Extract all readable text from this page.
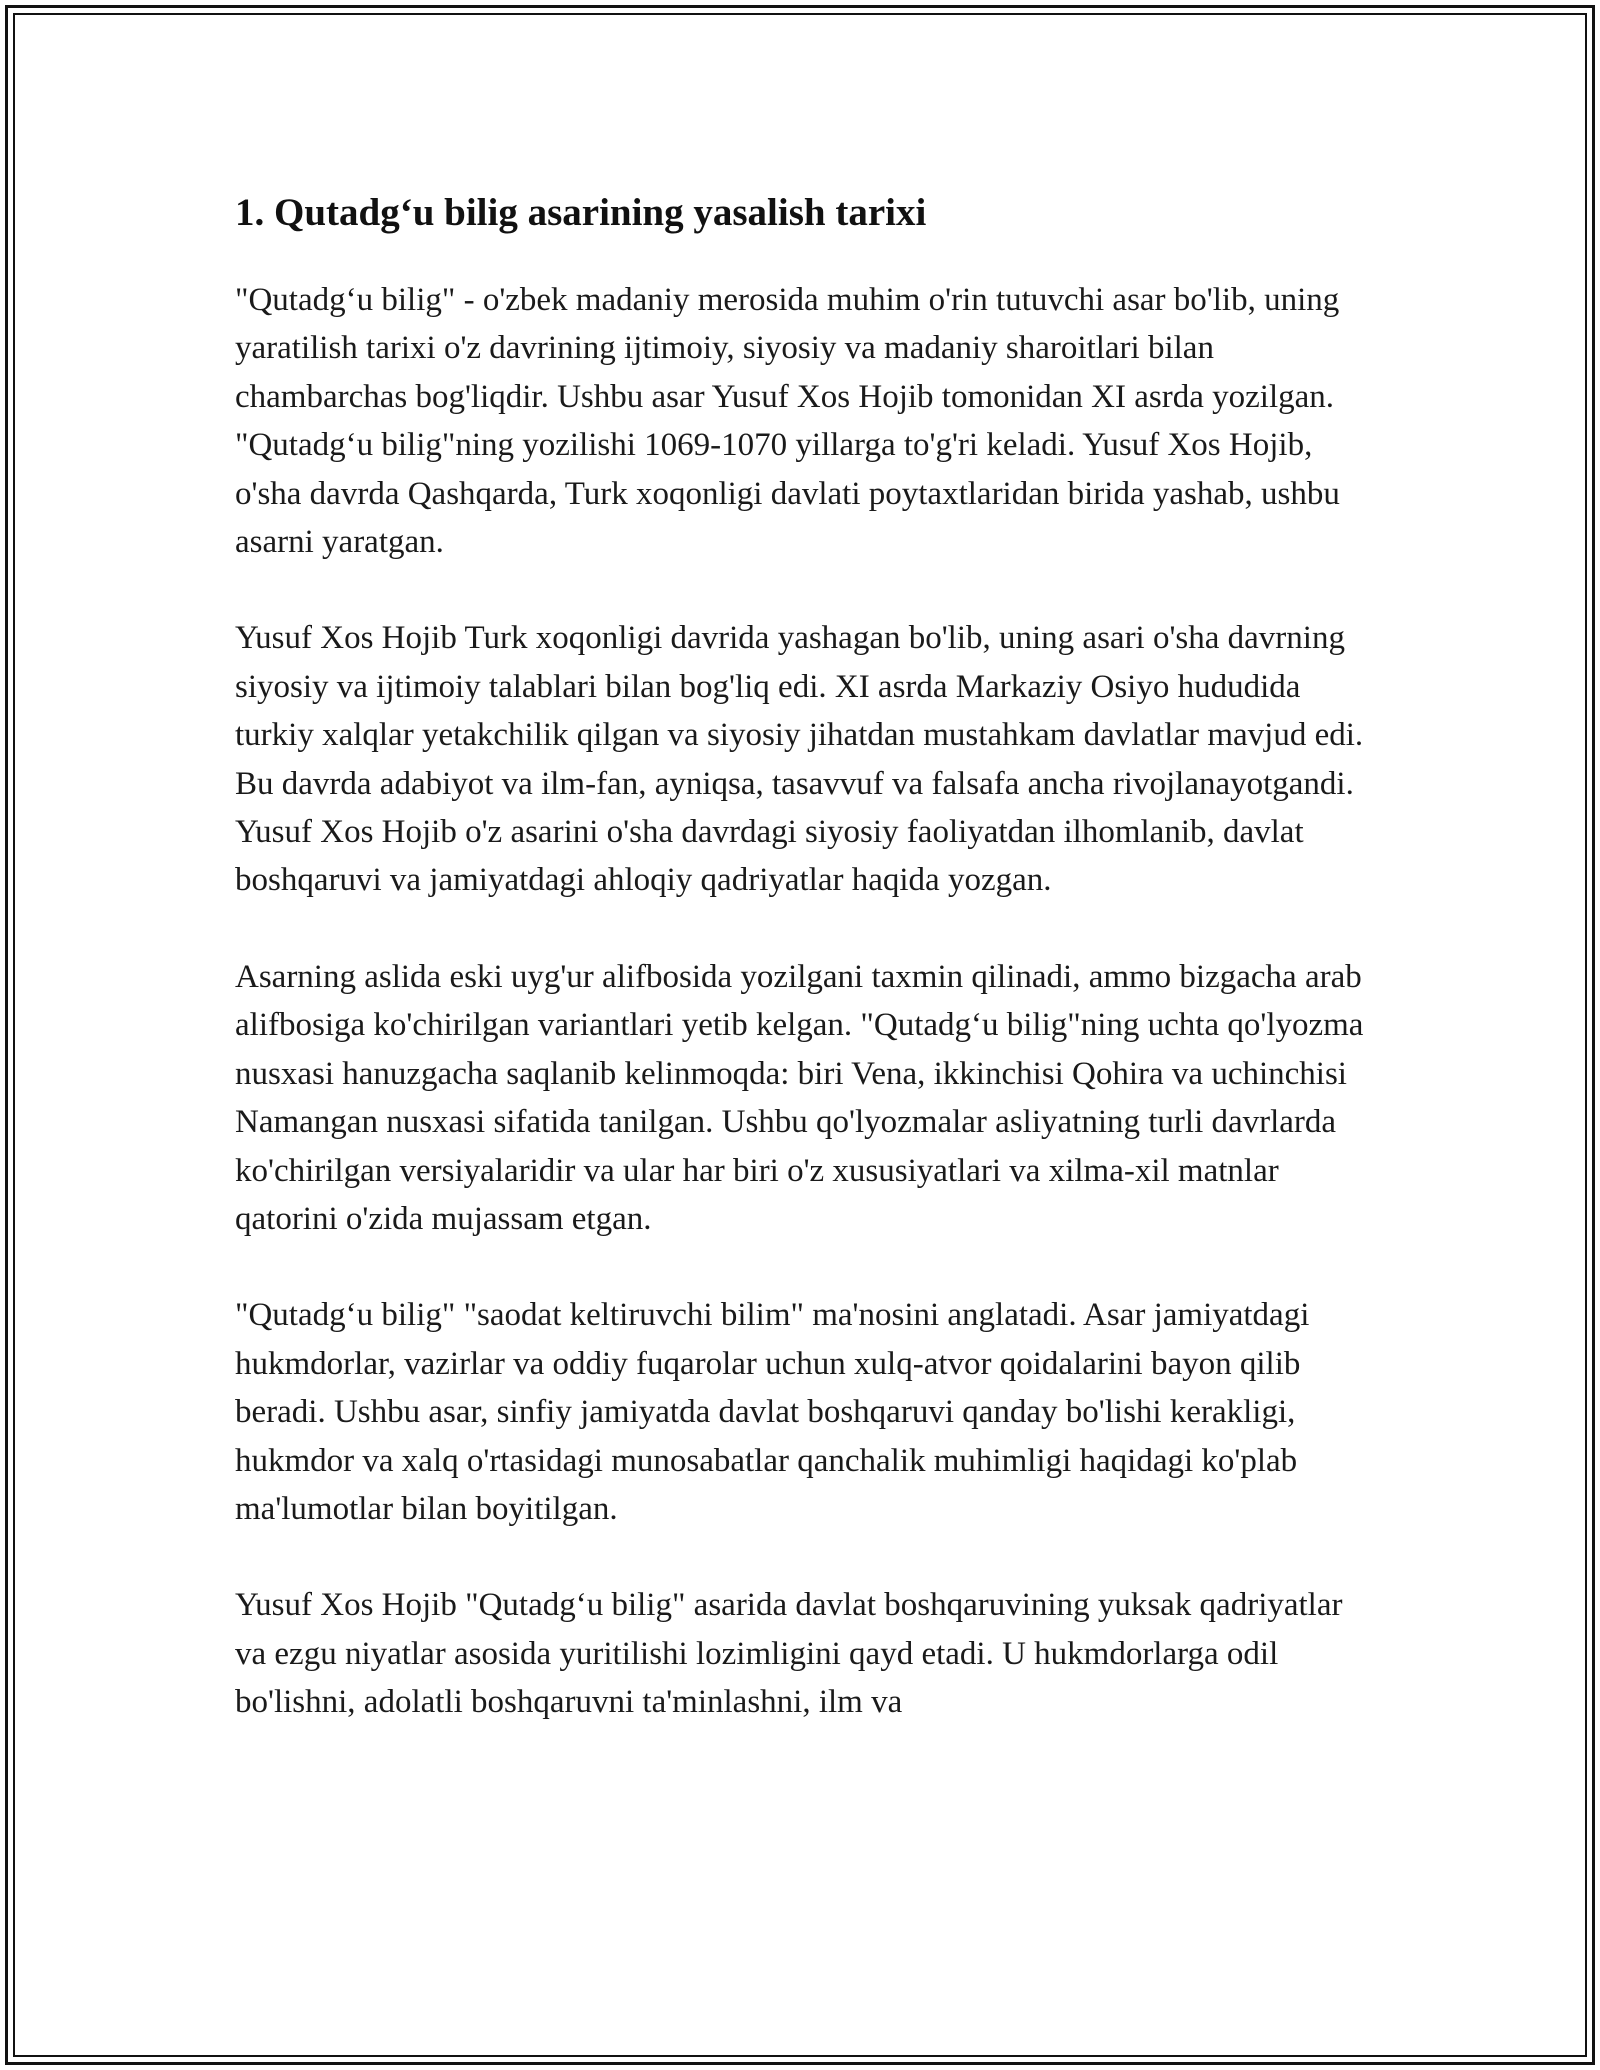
1. Qutadg‘u bilig asarining yasalish tarixi

"Qutadg‘u bilig" - o'zbek madaniy merosida muhim o'rin tutuvchi asar bo'lib, uning yaratilish tarixi o'z davrining ijtimoiy, siyosiy va madaniy sharoitlari bilan chambarchas bog'liqdir. Ushbu asar Yusuf Xos Hojib tomonidan XI asrda yozilgan. "Qutadg‘u bilig"ning yozilishi 1069-1070 yillarga to'g'ri keladi. Yusuf Xos Hojib, o'sha davrda Qashqarda, Turk xoqonligi davlati poytaxtlaridan birida yashab, ushbu asarni yaratgan.

Yusuf Xos Hojib Turk xoqonligi davrida yashagan bo'lib, uning asari o'sha davrning siyosiy va ijtimoiy talablari bilan bog'liq edi. XI asrda Markaziy Osiyo hududida turkiy xalqlar yetakchilik qilgan va siyosiy jihatdan mustahkam davlatlar mavjud edi. Bu davrda adabiyot va ilm-fan, ayniqsa, tasavvuf va falsafa ancha rivojlanayotgandi. Yusuf Xos Hojib o'z asarini o'sha davrdagi siyosiy faoliyatdan ilhomlanib, davlat boshqaruvi va jamiyatdagi ahloqiy qadriyatlar haqida yozgan.

Asarning aslida eski uyg'ur alifbosida yozilgani taxmin qilinadi, ammo bizgacha arab alifbosiga ko'chirilgan variantlari yetib kelgan. "Qutadg‘u bilig"ning uchta qo'lyozma nusxasi hanuzgacha saqlanib kelinmoqda: biri Vena, ikkinchisi Qohira va uchinchisi Namangan nusxasi sifatida tanilgan. Ushbu qo'lyozmalar asliyatning turli davrlarda ko'chirilgan versiyalaridir va ular har biri o'z xususiyatlari va xilma-xil matnlar qatorini o'zida mujassam etgan.

"Qutadg‘u bilig" "saodat keltiruvchi bilim" ma'nosini anglatadi. Asar jamiyatdagi hukmdorlar, vazirlar va oddiy fuqarolar uchun xulq-atvor qoidalarini bayon qilib beradi. Ushbu asar, sinfiy jamiyatda davlat boshqaruvi qanday bo'lishi kerakligi, hukmdor va xalq o'rtasidagi munosabatlar qanchalik muhimligi haqidagi ko'plab ma'lumotlar bilan boyitilgan.

Yusuf Xos Hojib "Qutadg‘u bilig" asarida davlat boshqaruvining yuksak qadriyatlar va ezgu niyatlar asosida yuritilishi lozimligini qayd etadi. U hukmdorlarga odil bo'lishni, adolatli boshqaruvni ta'minlashni, ilm va
